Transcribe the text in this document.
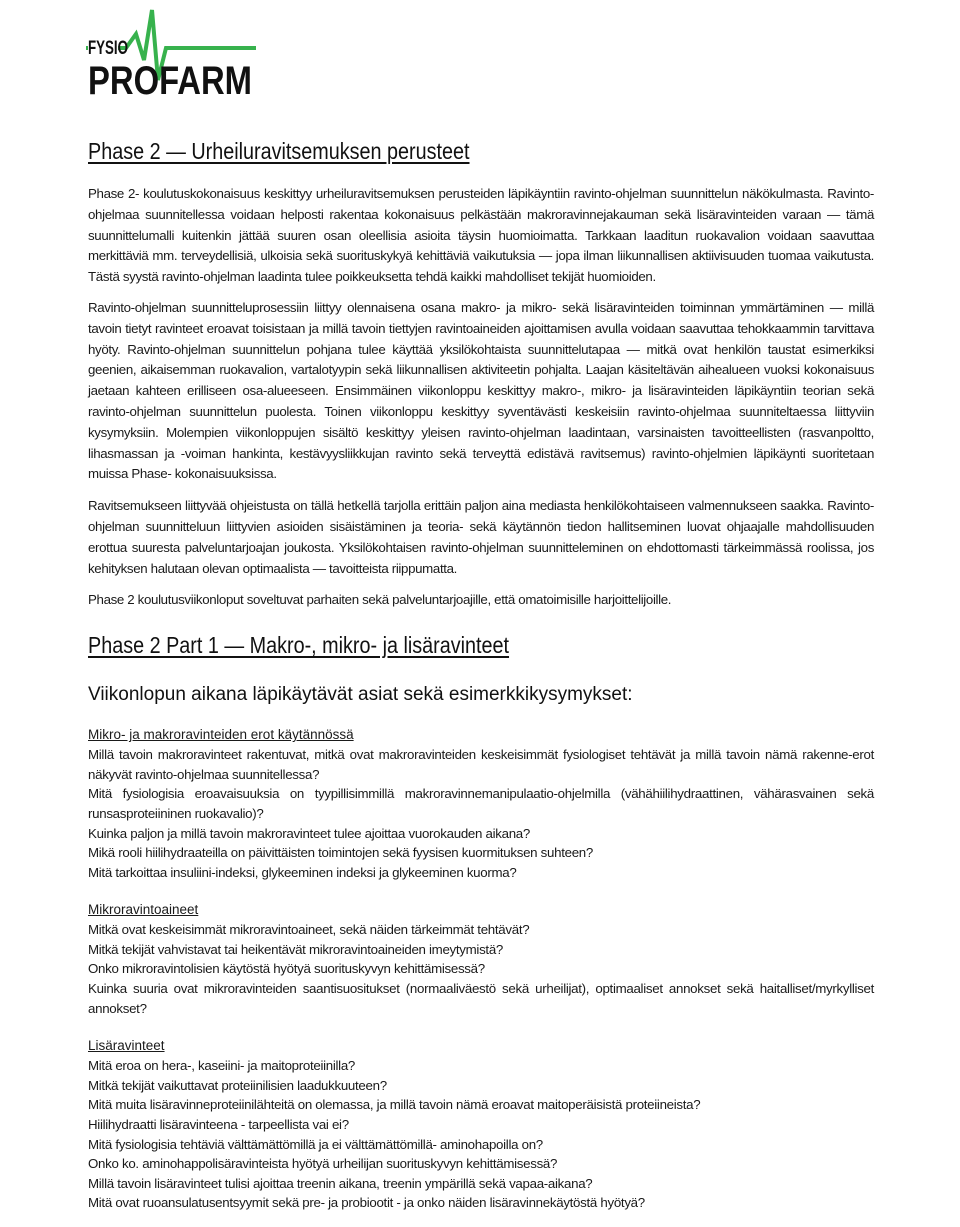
FYSIO
PROFARM
Phase 2 — Urheiluravitsemuksen perusteet

Phase 2- koulutuskokonaisuus keskittyy urheiluravitsemuksen perusteiden läpikäyntiin ravinto-ohjelman suunnittelun näkökulmasta. Ravinto-ohjelmaa suunnitellessa voidaan helposti rakentaa kokonaisuus pelkästään makroravinnejakauman sekä lisäravinteiden varaan — tämä suunnittelumalli kuitenkin jättää suuren osan oleellisia asioita täysin huomioimatta. Tarkkaan laaditun ruokavalion voidaan saavuttaa merkittäviä mm. terveydellisiä, ulkoisia sekä suorituskykyä kehittäviä vaikutuksia — jopa ilman liikunnallisen aktiivisuuden tuomaa vaikutusta. Tästä syystä ravinto-ohjelman laadinta tulee poikkeuksetta tehdä kaikki mahdolliset tekijät huomioiden.

Ravinto-ohjelman suunnitteluprosessiin liittyy olennaisena osana makro- ja mikro- sekä lisäravinteiden toiminnan ymmärtäminen — millä tavoin tietyt ravinteet eroavat toisistaan ja millä tavoin tiettyjen ravintoaineiden ajoittamisen avulla voidaan saavuttaa tehokkaammin tarvittava hyöty. Ravinto-ohjelman suunnittelun pohjana tulee käyttää yksilökohtaista suunnittelutapaa — mitkä ovat henkilön taustat esimerkiksi geenien, aikaisemman ruokavalion, vartalotyypin sekä liikunnallisen aktiviteetin pohjalta. Laajan käsiteltävän aihealueen vuoksi kokonaisuus jaetaan kahteen erilliseen osa-alueeseen. Ensimmäinen viikonloppu keskittyy makro-, mikro- ja lisäravinteiden läpikäyntiin teorian sekä ravinto-ohjelman suunnittelun puolesta. Toinen viikonloppu keskittyy syventävästi keskeisiin ravinto-ohjelmaa suunniteltaessa liittyviin kysymyksiin. Molempien viikonloppujen sisältö keskittyy yleisen ravinto-ohjelman laadintaan, varsinaisten tavoitteellisten (rasvanpoltto, lihasmassan ja -voiman hankinta, kestävyysliikkujan ravinto sekä terveyttä edistävä ravitsemus) ravinto-ohjelmien läpikäynti suoritetaan muissa Phase- kokonaisuuksissa.

Ravitsemukseen liittyvää ohjeistusta on tällä hetkellä tarjolla erittäin paljon aina mediasta henkilökohtaiseen valmennukseen saakka. Ravinto-ohjelman suunnitteluun liittyvien asioiden sisäistäminen ja teoria- sekä käytännön tiedon hallitseminen luovat ohjaajalle mahdollisuuden erottua suuresta palveluntarjoajan joukosta. Yksilökohtaisen ravinto-ohjelman suunnitteleminen on ehdottomasti tärkeimmässä roolissa, jos kehityksen halutaan olevan optimaalista — tavoitteista riippumatta.

Phase 2 koulutusviikonloput soveltuvat parhaiten sekä palveluntarjoajille, että omatoimisille harjoittelijoille.

Phase 2 Part 1 — Makro-, mikro- ja lisäravinteet
Viikonlopun aikana läpikäytävät asiat sekä esimerkkikysymykset:

Mikro- ja makroravinteiden erot käytännössä

Millä tavoin makroravinteet rakentuvat, mitkä ovat makroravinteiden keskeisimmät fysiologiset tehtävät ja millä tavoin nämä rakenne-erot näkyvät ravinto-ohjelmaa suunnitellessa?

Mitä fysiologisia eroavaisuuksia on tyypillisimmillä makroravinnemanipulaatio-ohjelmilla (vähähiilihydraattinen, vähärasvainen sekä runsasproteiininen ruokavalio)?

Kuinka paljon ja millä tavoin makroravinteet tulee ajoittaa vuorokauden aikana?

Mikä rooli hiilihydraateilla on päivittäisten toimintojen sekä fyysisen kuormituksen suhteen?

Mitä tarkoittaa insuliini-indeksi, glykeeminen indeksi ja glykeeminen kuorma?

Mikroravintoaineet

Mitkä ovat keskeisimmät mikroravintoaineet, sekä näiden tärkeimmät tehtävät?

Mitkä tekijät vahvistavat tai heikentävät mikroravintoaineiden imeytymistä?

Onko mikroravintolisien käytöstä hyötyä suorituskyvyn kehittämisessä?

Kuinka suuria ovat mikroravinteiden saantisuositukset (normaaliväestö sekä urheilijat), optimaaliset annokset sekä haitalliset/myrkylliset annokset?

Lisäravinteet

Mitä eroa on hera-, kaseiini- ja maitoproteiinilla?

Mitkä tekijät vaikuttavat proteiinilisien laadukkuuteen?

Mitä muita lisäravinneproteiinilähteitä on olemassa, ja millä tavoin nämä eroavat maitoperäisistä proteiineista?

Hiilihydraatti lisäravinteena - tarpeellista vai ei?

Mitä fysiologisia tehtäviä välttämättömillä ja ei välttämättömillä- aminohapoilla on?

Onko ko. aminohappolisäravinteista hyötyä urheilijan suorituskyvyn kehittämisessä?

Millä tavoin lisäravinteet tulisi ajoittaa treenin aikana, treenin ympärillä sekä vapaa-aikana?

Mitä ovat ruoansulatusentsyymit sekä pre- ja probiootit - ja onko näiden lisäravinnekäytöstä hyötyä?
